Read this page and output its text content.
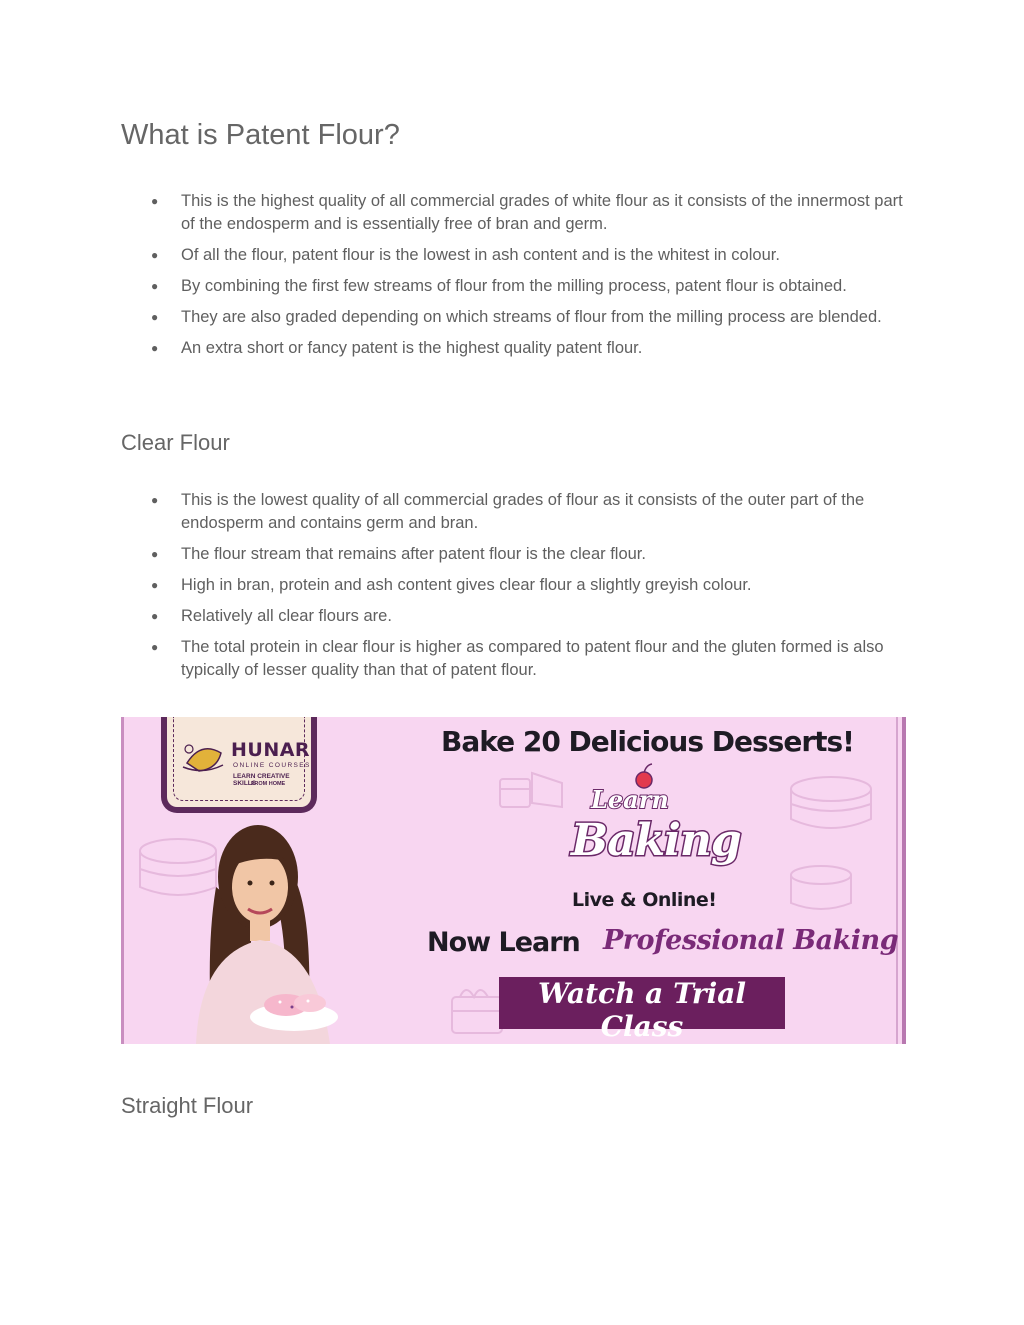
What is Patent Flour?
● This is the highest quality of all commercial grades of white flour as it consists of the innermost part of the endosperm and is essentially free of bran and germ.
● Of all the flour, patent flour is the lowest in ash content and is the whitest in colour.
● By combining the first few streams of flour from the milling process, patent flour is obtained.
● They are also graded depending on which streams of flour from the milling process are blended.
● An extra short or fancy patent is the highest quality patent flour.
Clear Flour
● This is the lowest quality of all commercial grades of flour as it consists of the outer part of the endosperm and contains germ and bran.
● The flour stream that remains after patent flour is the clear flour.
● High in bran, protein and ash content gives clear flour a slightly greyish colour.
● Relatively all clear flours are.
● The total protein in clear flour is higher as compared to patent flour and the gluten formed is also typically of lesser quality than that of patent flour.
HUNAR
ONLINE COURSES
LEARN CREATIVE SKILLS
FROM HOME
Bake 20 Delicious Desserts!
Learn
Baking
Live & Online!
Now Learn Professional Baking
Watch a Trial Class
Straight Flour
